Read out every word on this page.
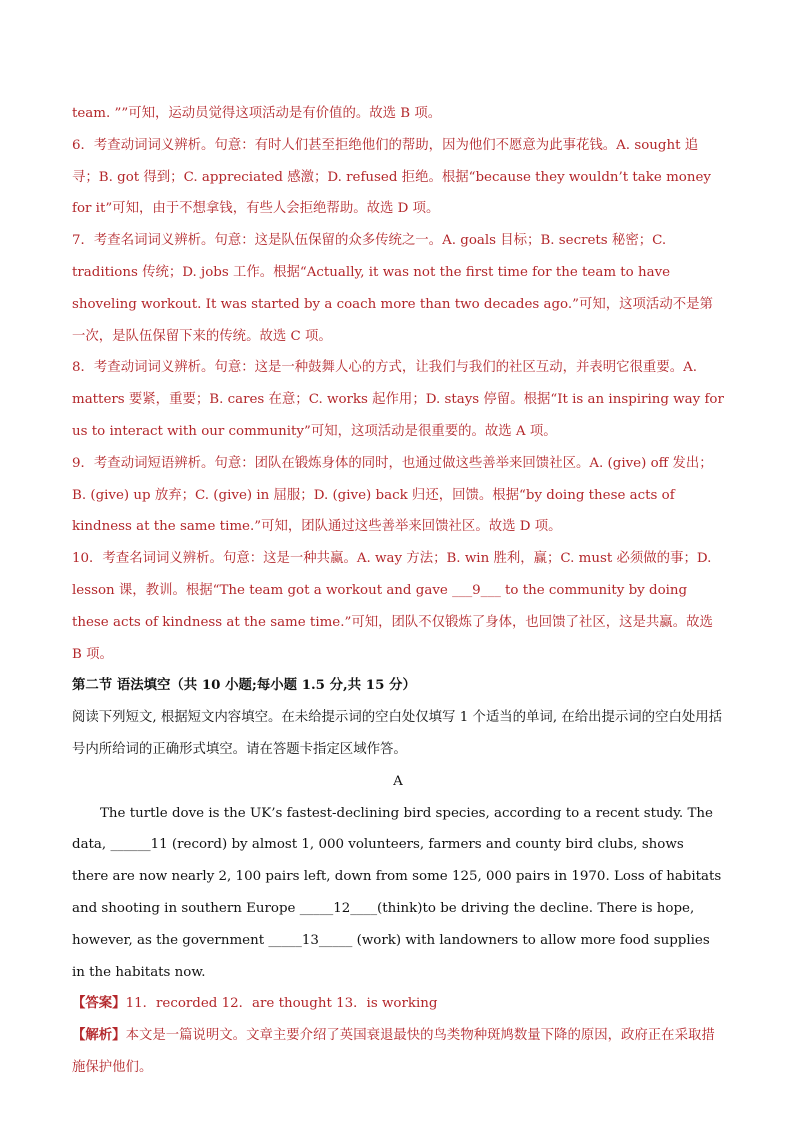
team. ””可知，运动员觉得这项活动是有价值的。故选 B 项。

6．考查动词词义辨析。句意：有时人们甚至拒绝他们的帮助，因为他们不愿意为此事花钱。A. sought 追寻；B. got 得到；C. appreciated 感激；D. refused 拒绝。根据“because they wouldn’t take money for it”可知，由于不想拿钱，有些人会拒绝帮助。故选 D 项。

7．考查名词词义辨析。句意：这是队伍保留的众多传统之一。A. goals 目标；B. secrets 秘密；C. traditions 传统；D. jobs 工作。根据“Actually, it was not the first time for the team to have shoveling workout. It was started by a coach more than two decades ago.”可知，这项活动不是第一次，是队伍保留下来的传统。故选 C 项。

8．考查动词词义辨析。句意：这是一种鼓舞人心的方式，让我们与我们的社区互动，并表明它很重要。A. matters 要紧，重要；B. cares 在意；C. works 起作用；D. stays 停留。根据“It is an inspiring way for us to interact with our community”可知，这项活动是很重要的。故选 A 项。

9．考查动词短语辨析。句意：团队在锻炼身体的同时，也通过做这些善举来回馈社区。A. (give) off 发出；B. (give) up 放弃；C. (give) in 屈服；D. (give) back 归还，回馈。根据“by doing these acts of kindness at the same time.”可知，团队通过这些善举来回馈社区。故选 D 项。

10．考查名词词义辨析。句意：这是一种共赢。A. way 方法；B. win 胜利，赢；C. must 必须做的事；D. lesson 课，教训。根据“The team got a workout and gave ___9___ to the community by doing these acts of kindness at the same time.”可知，团队不仅锻炼了身体，也回馈了社区，这是共赢。故选 B 项。

第二节 语法填空（共 10 小题;每小题 1.5 分,共 15 分）

阅读下列短文, 根据短文内容填空。在未给提示词的空白处仅填写 1 个适当的单词, 在给出提示词的空白处用括号内所给词的正确形式填空。请在答题卡指定区域作答。

A

The turtle dove is the UK’s fastest-declining bird species, according to a recent study. The data, ______11 (record) by almost 1, 000 volunteers, farmers and county bird clubs, shows there are now nearly 2, 100 pairs left, down from some 125, 000 pairs in 1970. Loss of habitats and shooting in southern Europe _____12____(think)to be driving the decline. There is hope, however, as the government _____13_____ (work) with landowners to allow more food supplies in the habitats now.

【答案】11．recorded 12．are thought 13．is working

【解析】本文是一篇说明文。文章主要介绍了英国衰退最快的鸟类物种斑鸠数量下降的原因，政府正在采取措施保护他们。
